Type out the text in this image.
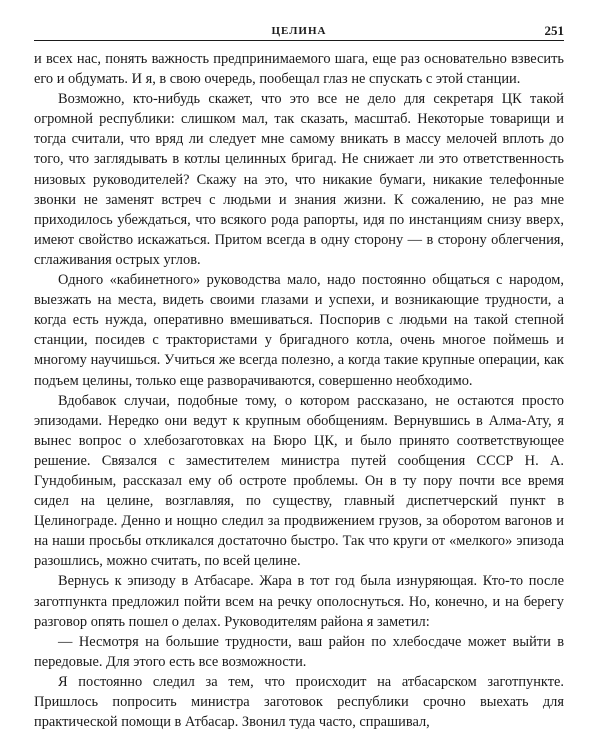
ЦЕЛИНА	251

и всех нас, понять важность предпринимаемого шага, еще раз основательно взвесить его и обдумать. И я, в свою очередь, пообещал глаз не спускать с этой станции.

Возможно, кто-нибудь скажет, что это все не дело для секретаря ЦК такой огромной республики: слишком мал, так сказать, масштаб. Некоторые товарищи и тогда считали, что вряд ли следует мне самому вникать в массу мелочей вплоть до того, что заглядывать в котлы целинных бригад. Не снижает ли это ответственность низовых руководителей? Скажу на это, что никакие бумаги, никакие телефонные звонки не заменят встреч с людьми и знания жизни. К сожалению, не раз мне приходилось убеждаться, что всякого рода рапорты, идя по инстанциям снизу вверх, имеют свойство искажаться. Притом всегда в одну сторону — в сторону облегчения, сглаживания острых углов.

Одного «кабинетного» руководства мало, надо постоянно общаться с народом, выезжать на места, видеть своими глазами и успехи, и возникающие трудности, а когда есть нужда, оперативно вмешиваться. Поспорив с людьми на такой степной станции, посидев с трактористами у бригадного котла, очень многое поймешь и многому научишься. Учиться же всегда полезно, а когда такие крупные операции, как подъем целины, только еще разворачиваются, совершенно необходимо.

Вдобавок случаи, подобные тому, о котором рассказано, не остаются просто эпизодами. Нередко они ведут к крупным обобщениям. Вернувшись в Алма-Ату, я вынес вопрос о хлебозаготовках на Бюро ЦК, и было принято соответствующее решение. Связался с заместителем министра путей сообщения СССР Н. А. Гундобиным, рассказал ему об остроте проблемы. Он в ту пору почти все время сидел на целине, возглавляя, по существу, главный диспетчерский пункт в Целинограде. Денно и нощно следил за продвижением грузов, за оборотом вагонов и на наши просьбы откликался достаточно быстро. Так что круги от «мелкого» эпизода разошлись, можно считать, по всей целине.

Вернусь к эпизоду в Атбасаре. Жара в тот год была изнуряющая. Кто-то после заготпункта предложил пойти всем на речку ополоснуться. Но, конечно, и на берегу разговор опять пошел о делах. Руководителям района я заметил:

— Несмотря на большие трудности, ваш район по хлебосдаче может выйти в передовые. Для этого есть все возможности.

Я постоянно следил за тем, что происходит на атбасарском заготпункте. Пришлось попросить министра заготовок республики срочно выехать для практической помощи в Атбасар. Звонил туда часто, спрашивал,
